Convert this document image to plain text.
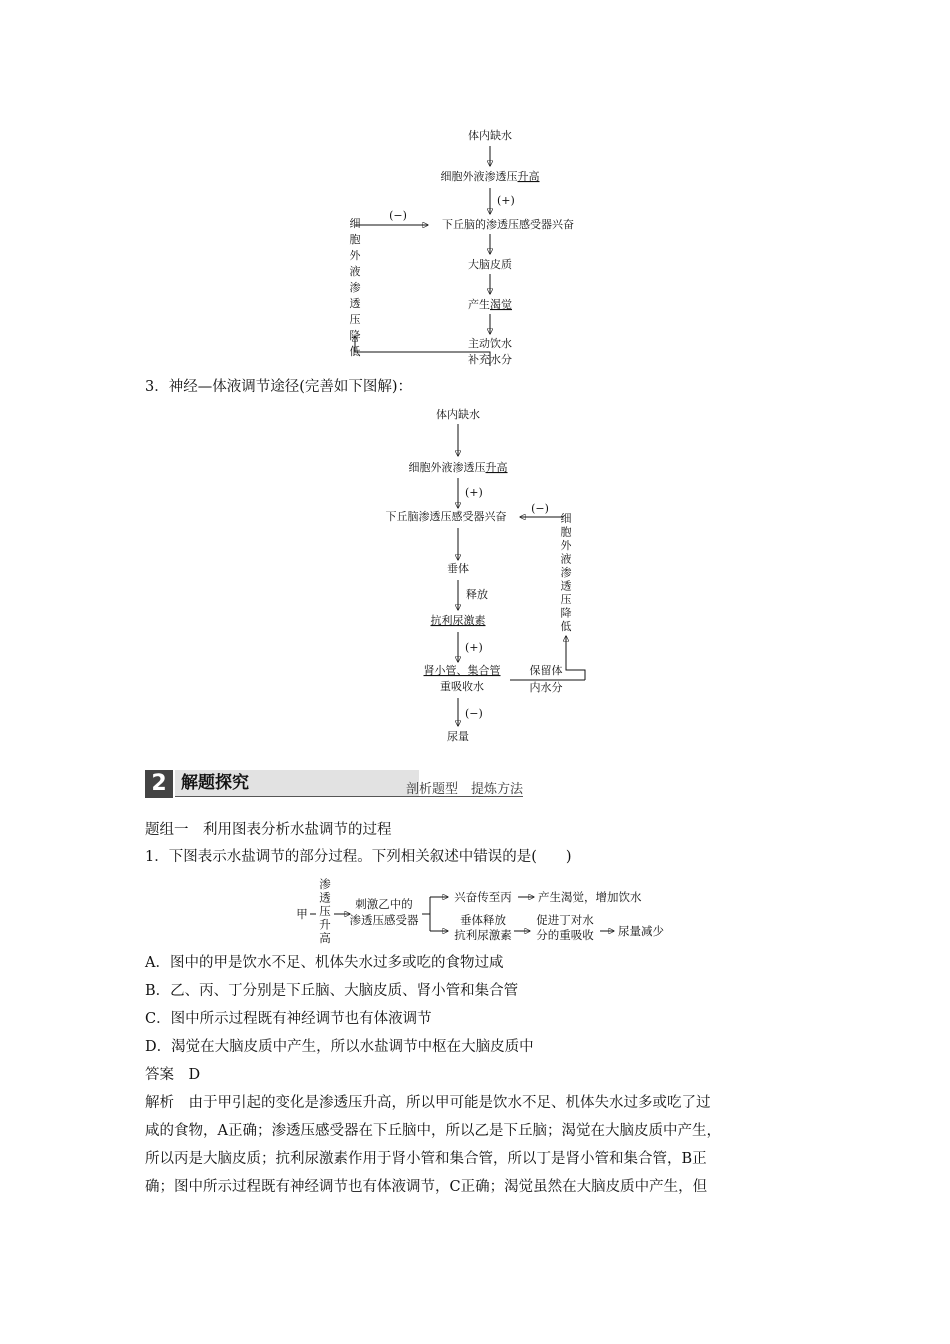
体内缺水
细胞外液渗透压升高
(+)
下丘脑的渗透压感受器兴奋
大脑皮质
产生渴觉
主动饮水
补充水分
细
胞
外
液
渗
透
压
降
低
(−)
3．神经—体液调节途径(完善如下图解)：
体内缺水
细胞外液渗透压升高
(+)
下丘脑渗透压感受器兴奋
(−)
细
胞
外
液
渗
透
压
降
低
垂体
释放
抗利尿激素
(+)
肾小管、集合管
重吸收水
保留体
内水分
(−)
尿量
2 解题探究	剖析题型　提炼方法
题组一　利用图表分析水盐调节的过程
1．下图表示水盐调节的部分过程。下列相关叙述中错误的是(　　)
甲
渗
透
压
升
高
刺激乙中的
渗透压感受器
兴奋传至丙 产生渴觉，增加饮水
垂体释放
抗利尿激素
促进丁对水
分的重吸收 尿量减少
A．图中的甲是饮水不足、机体失水过多或吃的食物过咸
B．乙、丙、丁分别是下丘脑、大脑皮质、肾小管和集合管
C．图中所示过程既有神经调节也有体液调节
D．渴觉在大脑皮质中产生，所以水盐调节中枢在大脑皮质中
答案　D
解析　由于甲引起的变化是渗透压升高，所以甲可能是饮水不足、机体失水过多或吃了过
咸的食物，A正确；渗透压感受器在下丘脑中，所以乙是下丘脑；渴觉在大脑皮质中产生，
所以丙是大脑皮质；抗利尿激素作用于肾小管和集合管，所以丁是肾小管和集合管，B正
确；图中所示过程既有神经调节也有体液调节，C正确；渴觉虽然在大脑皮质中产生，但
